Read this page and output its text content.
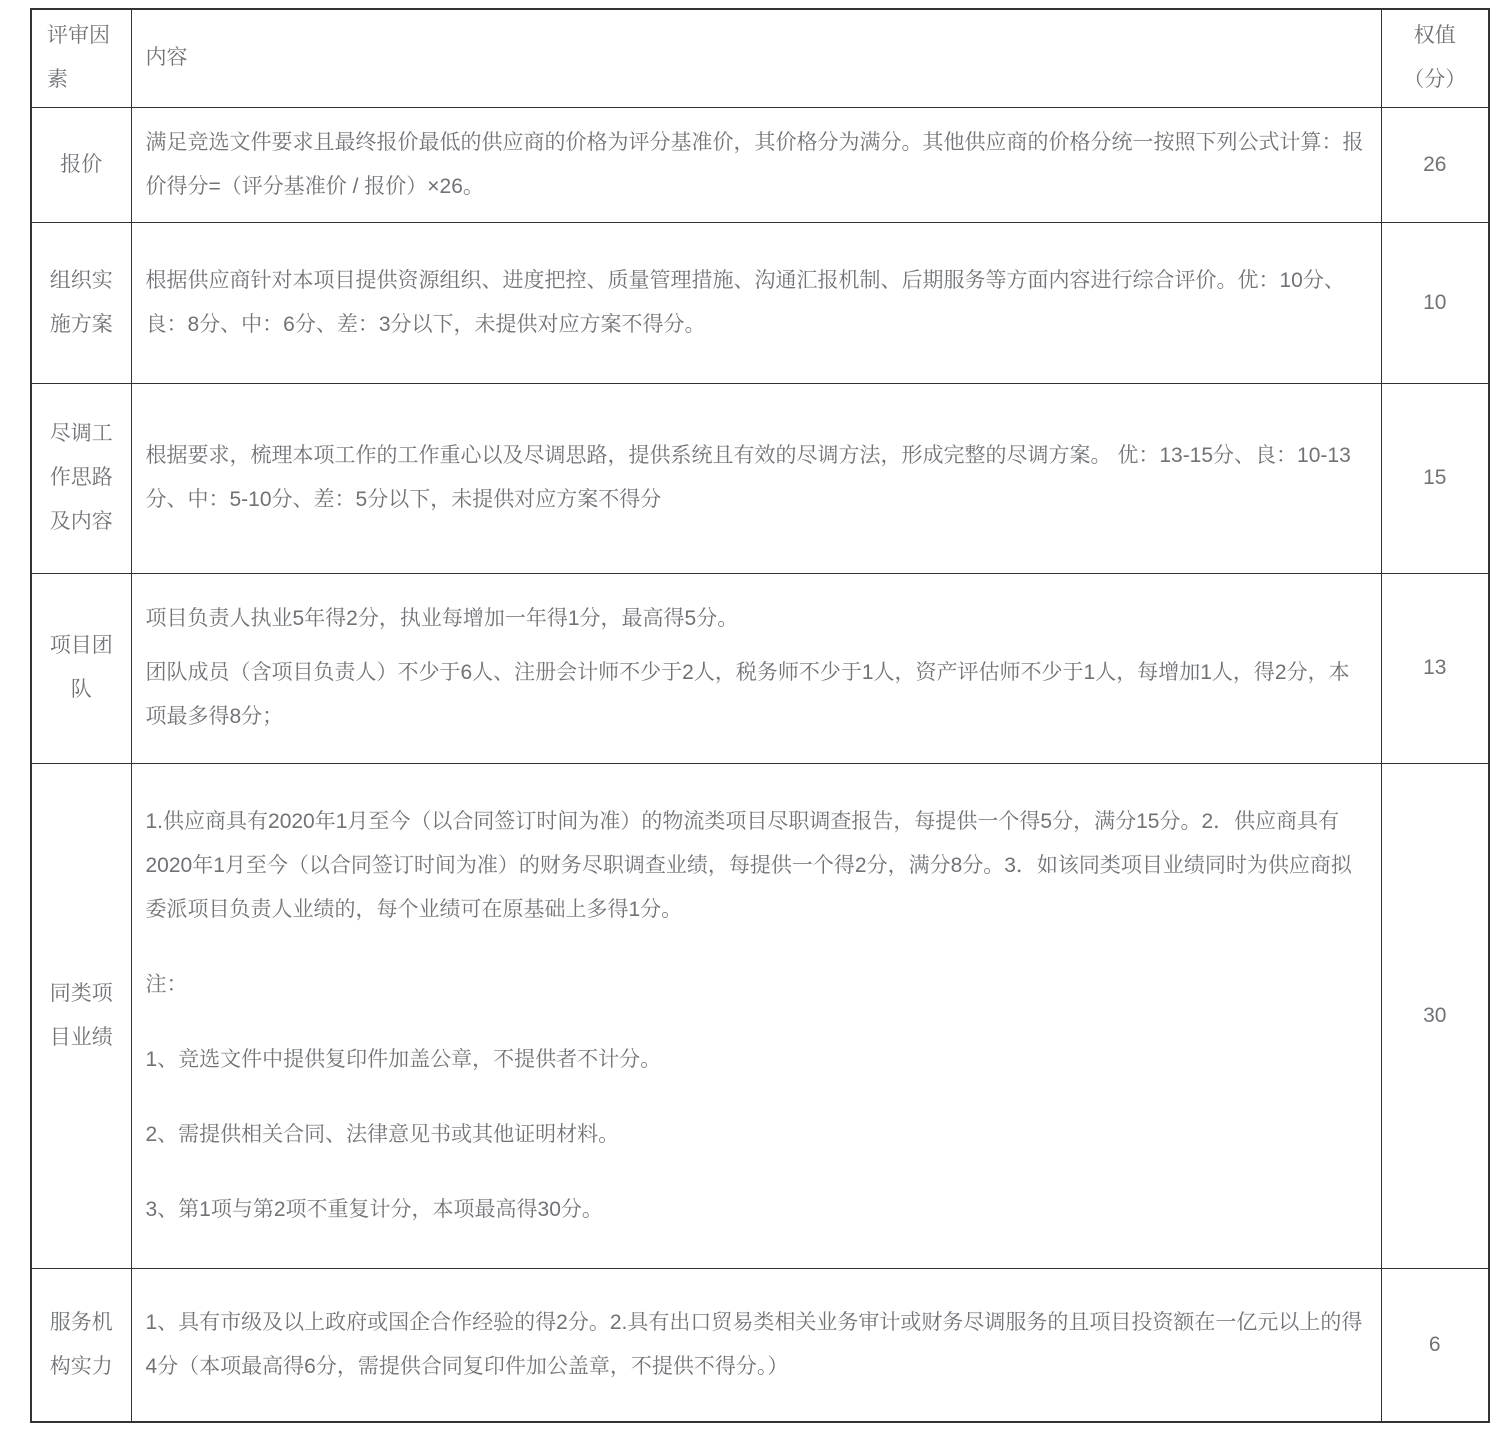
评审因素	内容	权值
（分）

报价	满足竞选文件要求且最终报价最低的供应商的价格为评分基准价，其价格分为满分。其他供应商的价格分统一按照下列公式计算：报价得分=（评分基准价 / 报价）×26。	26
组织实施方案	根据供应商针对本项目提供资源组织、进度把控、质量管理措施、沟通汇报机制、后期服务等方面内容进行综合评价。优：10分、良：8分、中：6分、差：3分以下，未提供对应方案不得分。	10
尽调工作思路及内容	根据要求，梳理本项工作的工作重心以及尽调思路，提供系统且有效的尽调方法，形成完整的尽调方案。 优：13-15分、良：10-13分、中：5-10分、差：5分以下，未提供对应方案不得分	15
项目团队	项目负责人执业5年得2分，执业每增加一年得1分，最高得5分。

团队成员（含项目负责人）不少于6人、注册会计师不少于2人，税务师不少于1人，资产评估师不少于1人，每增加1人，得2分，本项最多得8分；	13
同类项目业绩	1.供应商具有2020年1月至今（以合同签订时间为准）的物流类项目尽职调查报告，每提供一个得5分，满分15分。2．供应商具有2020年1月至今（以合同签订时间为准）的财务尽职调查业绩，每提供一个得2分，满分8分。3．如该同类项目业绩同时为供应商拟委派项目负责人业绩的，每个业绩可在原基础上多得1分。

注：

1、竞选文件中提供复印件加盖公章，不提供者不计分。

2、需提供相关合同、法律意见书或其他证明材料。

3、第1项与第2项不重复计分，本项最高得30分。	30
服务机构实力	1、具有市级及以上政府或国企合作经验的得2分。2.具有出口贸易类相关业务审计或财务尽调服务的且项目投资额在一亿元以上的得4分（本项最高得6分，需提供合同复印件加公盖章，不提供不得分。）	6
